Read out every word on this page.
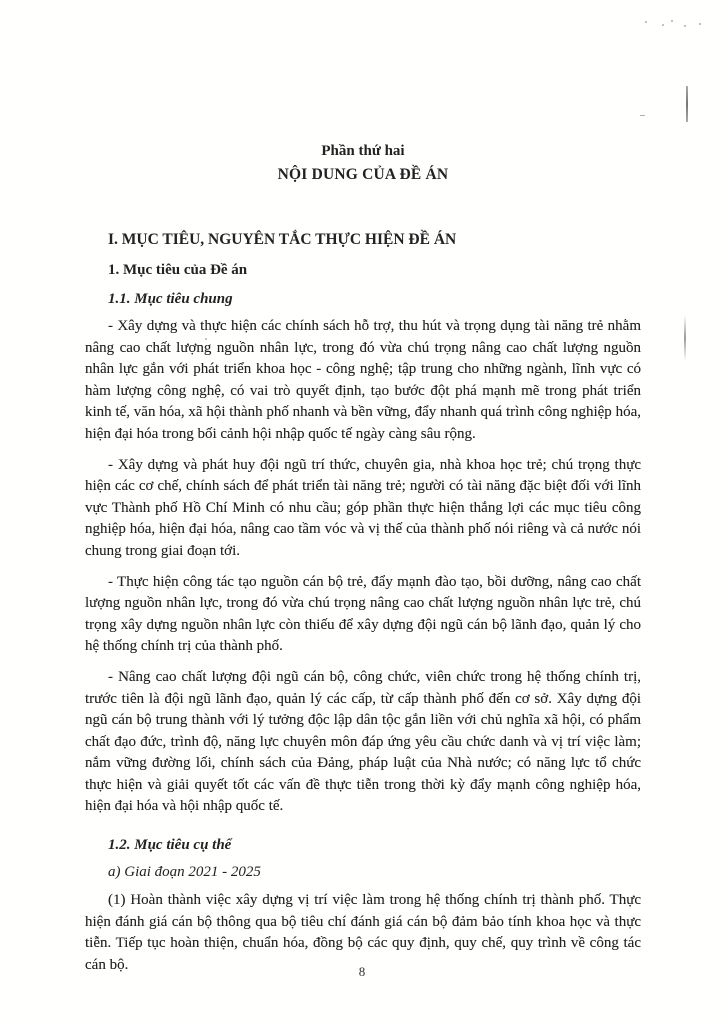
Phần thứ hai

NỘI DUNG CỦA ĐỀ ÁN

I. MỤC TIÊU, NGUYÊN TẮC THỰC HIỆN ĐỀ ÁN

1. Mục tiêu của Đề án

1.1. Mục tiêu chung

- Xây dựng và thực hiện các chính sách hỗ trợ, thu hút và trọng dụng tài năng trẻ nhằm nâng cao chất lượng nguồn nhân lực, trong đó vừa chú trọng nâng cao chất lượng nguồn nhân lực gắn với phát triển khoa học - công nghệ; tập trung cho những ngành, lĩnh vực có hàm lượng công nghệ, có vai trò quyết định, tạo bước đột phá mạnh mẽ trong phát triển kinh tế, văn hóa, xã hội thành phố nhanh và bền vững, đẩy nhanh quá trình công nghiệp hóa, hiện đại hóa trong bối cảnh hội nhập quốc tế ngày càng sâu rộng.

- Xây dựng và phát huy đội ngũ trí thức, chuyên gia, nhà khoa học trẻ; chú trọng thực hiện các cơ chế, chính sách để phát triển tài năng trẻ; người có tài năng đặc biệt đối với lĩnh vực Thành phố Hồ Chí Minh có nhu cầu; góp phần thực hiện thắng lợi các mục tiêu công nghiệp hóa, hiện đại hóa, nâng cao tầm vóc và vị thế của thành phố nói riêng và cả nước nói chung trong giai đoạn tới.

- Thực hiện công tác tạo nguồn cán bộ trẻ, đẩy mạnh đào tạo, bồi dưỡng, nâng cao chất lượng nguồn nhân lực, trong đó vừa chú trọng nâng cao chất lượng nguồn nhân lực trẻ, chú trọng xây dựng nguồn nhân lực còn thiếu để xây dựng đội ngũ cán bộ lãnh đạo, quản lý cho hệ thống chính trị của thành phố.

- Nâng cao chất lượng đội ngũ cán bộ, công chức, viên chức trong hệ thống chính trị, trước tiên là đội ngũ lãnh đạo, quản lý các cấp, từ cấp thành phố đến cơ sở. Xây dựng đội ngũ cán bộ trung thành với lý tưởng độc lập dân tộc gắn liền với chủ nghĩa xã hội, có phẩm chất đạo đức, trình độ, năng lực chuyên môn đáp ứng yêu cầu chức danh và vị trí việc làm; nắm vững đường lối, chính sách của Đảng, pháp luật của Nhà nước; có năng lực tổ chức thực hiện và giải quyết tốt các vấn đề thực tiễn trong thời kỳ đẩy mạnh công nghiệp hóa, hiện đại hóa và hội nhập quốc tế.

1.2. Mục tiêu cụ thể

a) Giai đoạn 2021 - 2025

(1) Hoàn thành việc xây dựng vị trí việc làm trong hệ thống chính trị thành phố. Thực hiện đánh giá cán bộ thông qua bộ tiêu chí đánh giá cán bộ đảm bảo tính khoa học và thực tiễn. Tiếp tục hoàn thiện, chuẩn hóa, đồng bộ các quy định, quy chế, quy trình về công tác cán bộ.	8
